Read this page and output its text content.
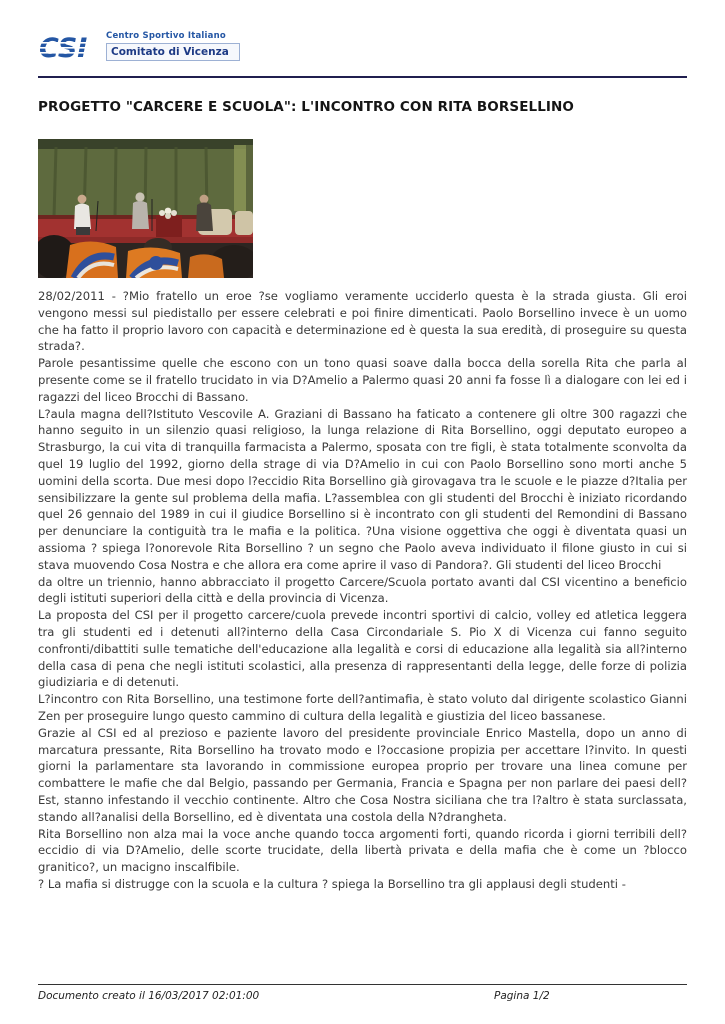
Centro Sportivo Italiano
Comitato di Vicenza
PROGETTO "CARCERE E SCUOLA": L'INCONTRO CON RITA BORSELLINO

28/02/2011 - ?Mio fratello un eroe ?se vogliamo veramente ucciderlo questa è la strada giusta. Gli eroi vengono messi sul piedistallo per essere celebrati e poi finire dimenticati. Paolo Borsellino invece è un uomo che ha fatto il proprio lavoro con capacità e determinazione ed è questa la sua eredità, di proseguire su questa strada?.

Parole pesantissime quelle che escono con un tono quasi soave dalla bocca della sorella Rita che parla al presente come se il fratello trucidato in via D?Amelio a Palermo quasi 20 anni fa fosse lì a dialogare con lei ed i ragazzi del liceo Brocchi di Bassano.

L?aula magna dell?Istituto Vescovile A. Graziani di Bassano ha faticato a contenere gli oltre 300 ragazzi che hanno seguito in un silenzio quasi religioso, la lunga relazione di Rita Borsellino, oggi deputato europeo a Strasburgo, la cui vita di tranquilla farmacista a Palermo, sposata con tre figli, è stata totalmente sconvolta da quel 19 luglio del 1992, giorno della strage di via D?Amelio in cui con Paolo Borsellino sono morti anche 5 uomini della scorta. Due mesi dopo l?eccidio Rita Borsellino già girovagava tra le scuole e le piazze d?Italia per sensibilizzare la gente sul problema della mafia. L?assemblea con gli studenti del Brocchi è iniziato ricordando quel 26 gennaio del 1989 in cui il giudice Borsellino si è incontrato con gli studenti del Remondini di Bassano per denunciare la contiguità tra le mafia e la politica. ?Una visione oggettiva che oggi è diventata quasi un assioma ? spiega l?onorevole Rita Borsellino ? un segno che Paolo aveva individuato il filone giusto in cui si stava muovendo Cosa Nostra e che allora era come aprire il vaso di Pandora?. Gli studenti del liceo Brocchi

da oltre un triennio, hanno abbracciato il progetto Carcere/Scuola portato avanti dal CSI vicentino a beneficio degli istituti superiori della città e della provincia di Vicenza.

La proposta del CSI per il progetto carcere/cuola prevede incontri sportivi di calcio, volley ed atletica leggera tra gli studenti ed i detenuti all?interno della Casa Circondariale S. Pio X di Vicenza cui fanno seguito confronti/dibattiti sulle tematiche dell'educazione alla legalità e corsi di educazione alla legalità sia all?interno della casa di pena che negli istituti scolastici, alla presenza di rappresentanti della legge, delle forze di polizia giudiziaria e di detenuti.

L?incontro con Rita Borsellino, una testimone forte dell?antimafia, è stato voluto dal dirigente scolastico Gianni Zen per proseguire lungo questo cammino di cultura della legalità e giustizia del liceo bassanese.

Grazie al CSI ed al prezioso e paziente lavoro del presidente provinciale Enrico Mastella, dopo un anno di marcatura pressante, Rita Borsellino ha trovato modo e l?occasione propizia per accettare l?invito. In questi giorni la parlamentare sta lavorando in commissione europea proprio per trovare una linea comune per combattere le mafie che dal Belgio, passando per Germania, Francia e Spagna per non parlare dei paesi dell?Est, stanno infestando il vecchio continente. Altro che Cosa Nostra siciliana che tra l?altro è stata surclassata, stando all?analisi della Borsellino, ed è diventata una costola della N?drangheta.

Rita Borsellino non alza mai la voce anche quando tocca argomenti forti, quando ricorda i giorni terribili dell?eccidio di via D?Amelio, delle scorte trucidate, della libertà privata e della mafia che è come un ?blocco granitico?, un macigno inscalfibile.

? La mafia si distrugge con la scuola e la cultura ? spiega la Borsellino tra gli applausi degli studenti -

Documento creato il 16/03/2017 02:01:00	Pagina 1/2
